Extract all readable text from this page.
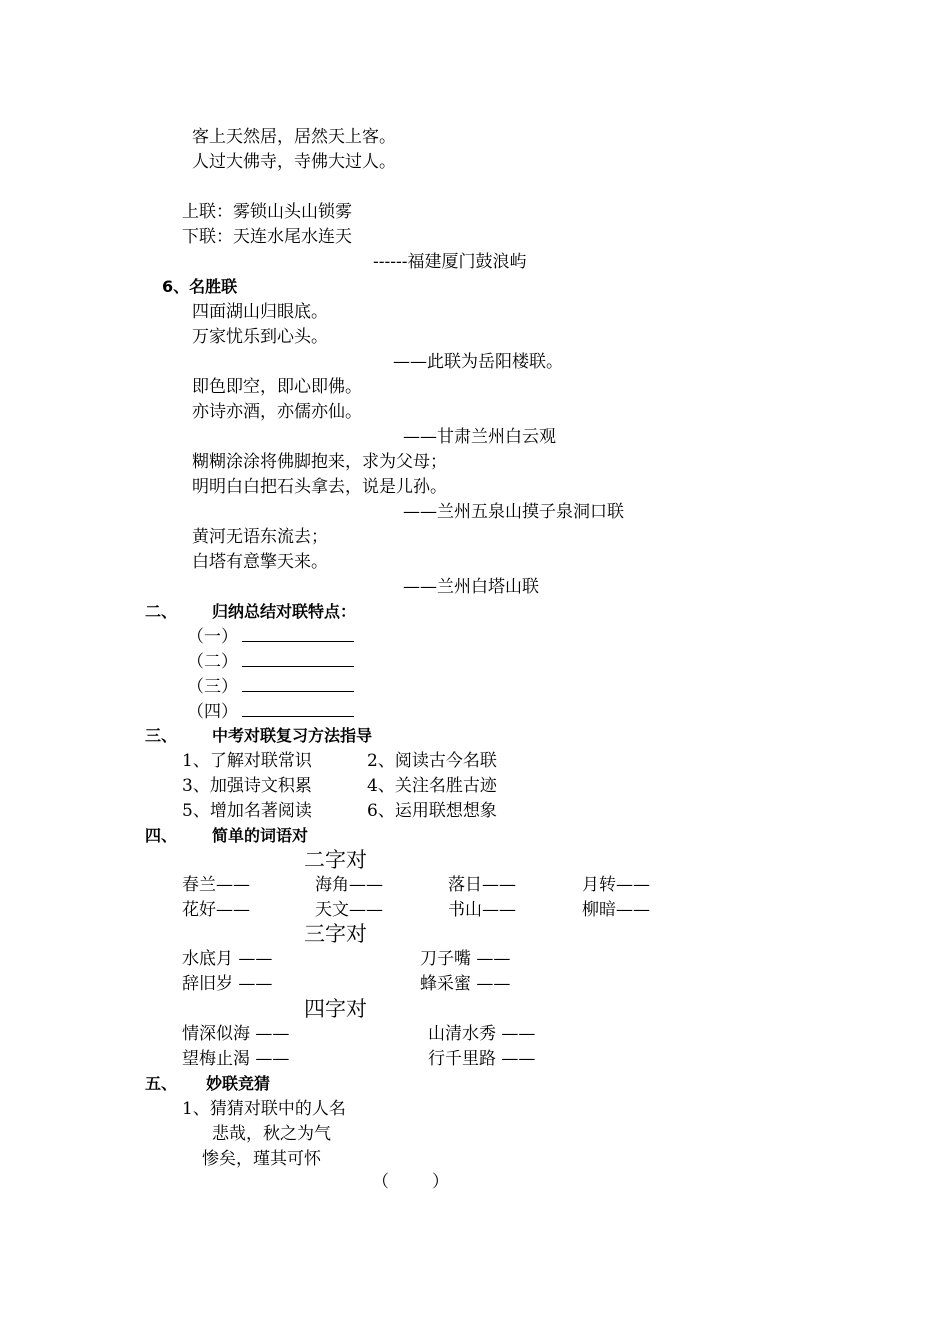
客上天然居，居然天上客。
人过大佛寺，寺佛大过人。
上联：雾锁山头山锁雾
下联：天连水尾水连天
------福建厦门鼓浪屿
6、名胜联
四面湖山归眼底。
万家忧乐到心头。
——此联为岳阳楼联。
即色即空，即心即佛。
亦诗亦酒，亦儒亦仙。
——甘肃兰州白云观
糊糊涂涂将佛脚抱来，求为父母；
明明白白把石头拿去，说是儿孙。
——兰州五泉山摸子泉洞口联
黄河无语东流去；
白塔有意擎天来。
——兰州白塔山联
二、 归纳总结对联特点：
（一）
（二）
（三）
（四）
三、 中考对联复习方法指导
1、了解对联常识	2、阅读古今名联
3、加强诗文积累	4、关注名胜古迹
5、增加名著阅读	6、运用联想想象
四、 简单的词语对
二字对
春兰——	海角——	落日——	月转——
花好——	天文——	书山——	柳暗——
三字对
水底月 ——	刀子嘴 ——
辞旧岁 ——	蜂采蜜 ——
四字对
情深似海 ——	山清水秀 ——
望梅止渴 ——	行千里路 ——
五、 妙联竞猜
1、猜猜对联中的人名
悲哉，秋之为气
惨矣，瑾其可怀
（	）
